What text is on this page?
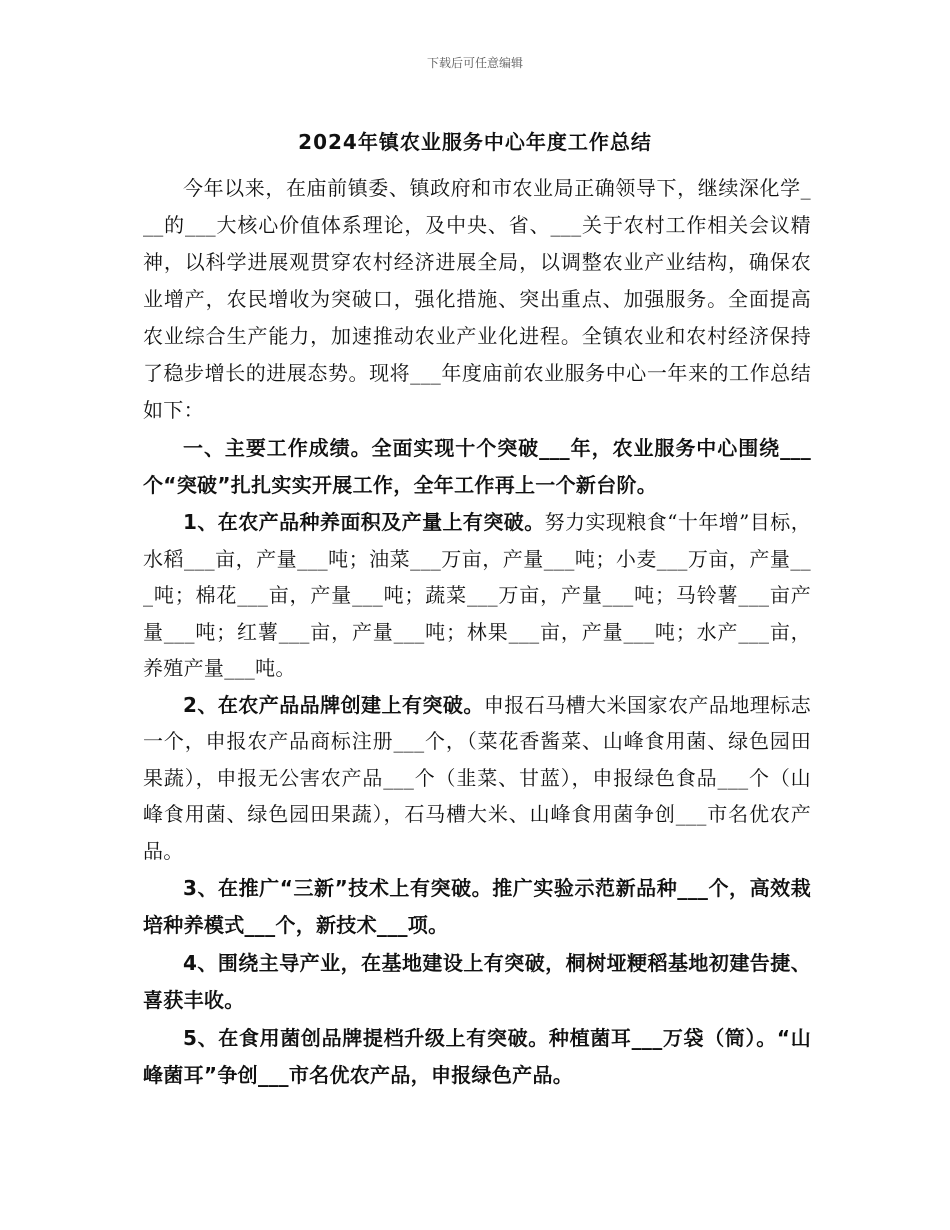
下载后可任意编辑
2024年镇农业服务中心年度工作总结

今年以来，在庙前镇委、镇政府和市农业局正确领导下，继续深化学___的___大核心价值体系理论，及中央、省、___关于农村工作相关会议精神，以科学进展观贯穿农村经济进展全局，以调整农业产业结构，确保农业增产，农民增收为突破口，强化措施、突出重点、加强服务。全面提高农业综合生产能力，加速推动农业产业化进程。全镇农业和农村经济保持了稳步增长的进展态势。现将___年度庙前农业服务中心一年来的工作总结如下：

一、主要工作成绩。全面实现十个突破___年，农业服务中心围绕___个“突破”扎扎实实开展工作，全年工作再上一个新台阶。

1、在农产品种养面积及产量上有突破。努力实现粮食“十年增”目标，水稻___亩，产量___吨；油菜___万亩，产量___吨；小麦___万亩，产量___吨；棉花___亩，产量___吨；蔬菜___万亩，产量___吨；马铃薯___亩产量___吨；红薯___亩，产量___吨；林果___亩，产量___吨；水产___亩，养殖产量___吨。

2、在农产品品牌创建上有突破。申报石马槽大米国家农产品地理标志一个，申报农产品商标注册___个，（菜花香酱菜、山峰食用菌、绿色园田果蔬），申报无公害农产品___个（韭菜、甘蓝），申报绿色食品___个（山峰食用菌、绿色园田果蔬），石马槽大米、山峰食用菌争创___市名优农产品。

3、在推广“三新”技术上有突破。推广实验示范新品种___个，高效栽培种养模式___个，新技术___项。

4、围绕主导产业，在基地建设上有突破，桐树垭粳稻基地初建告捷、喜获丰收。

5、在食用菌创品牌提档升级上有突破。种植菌耳___万袋（筒）。“山峰菌耳”争创___市名优农产品，申报绿色产品。
